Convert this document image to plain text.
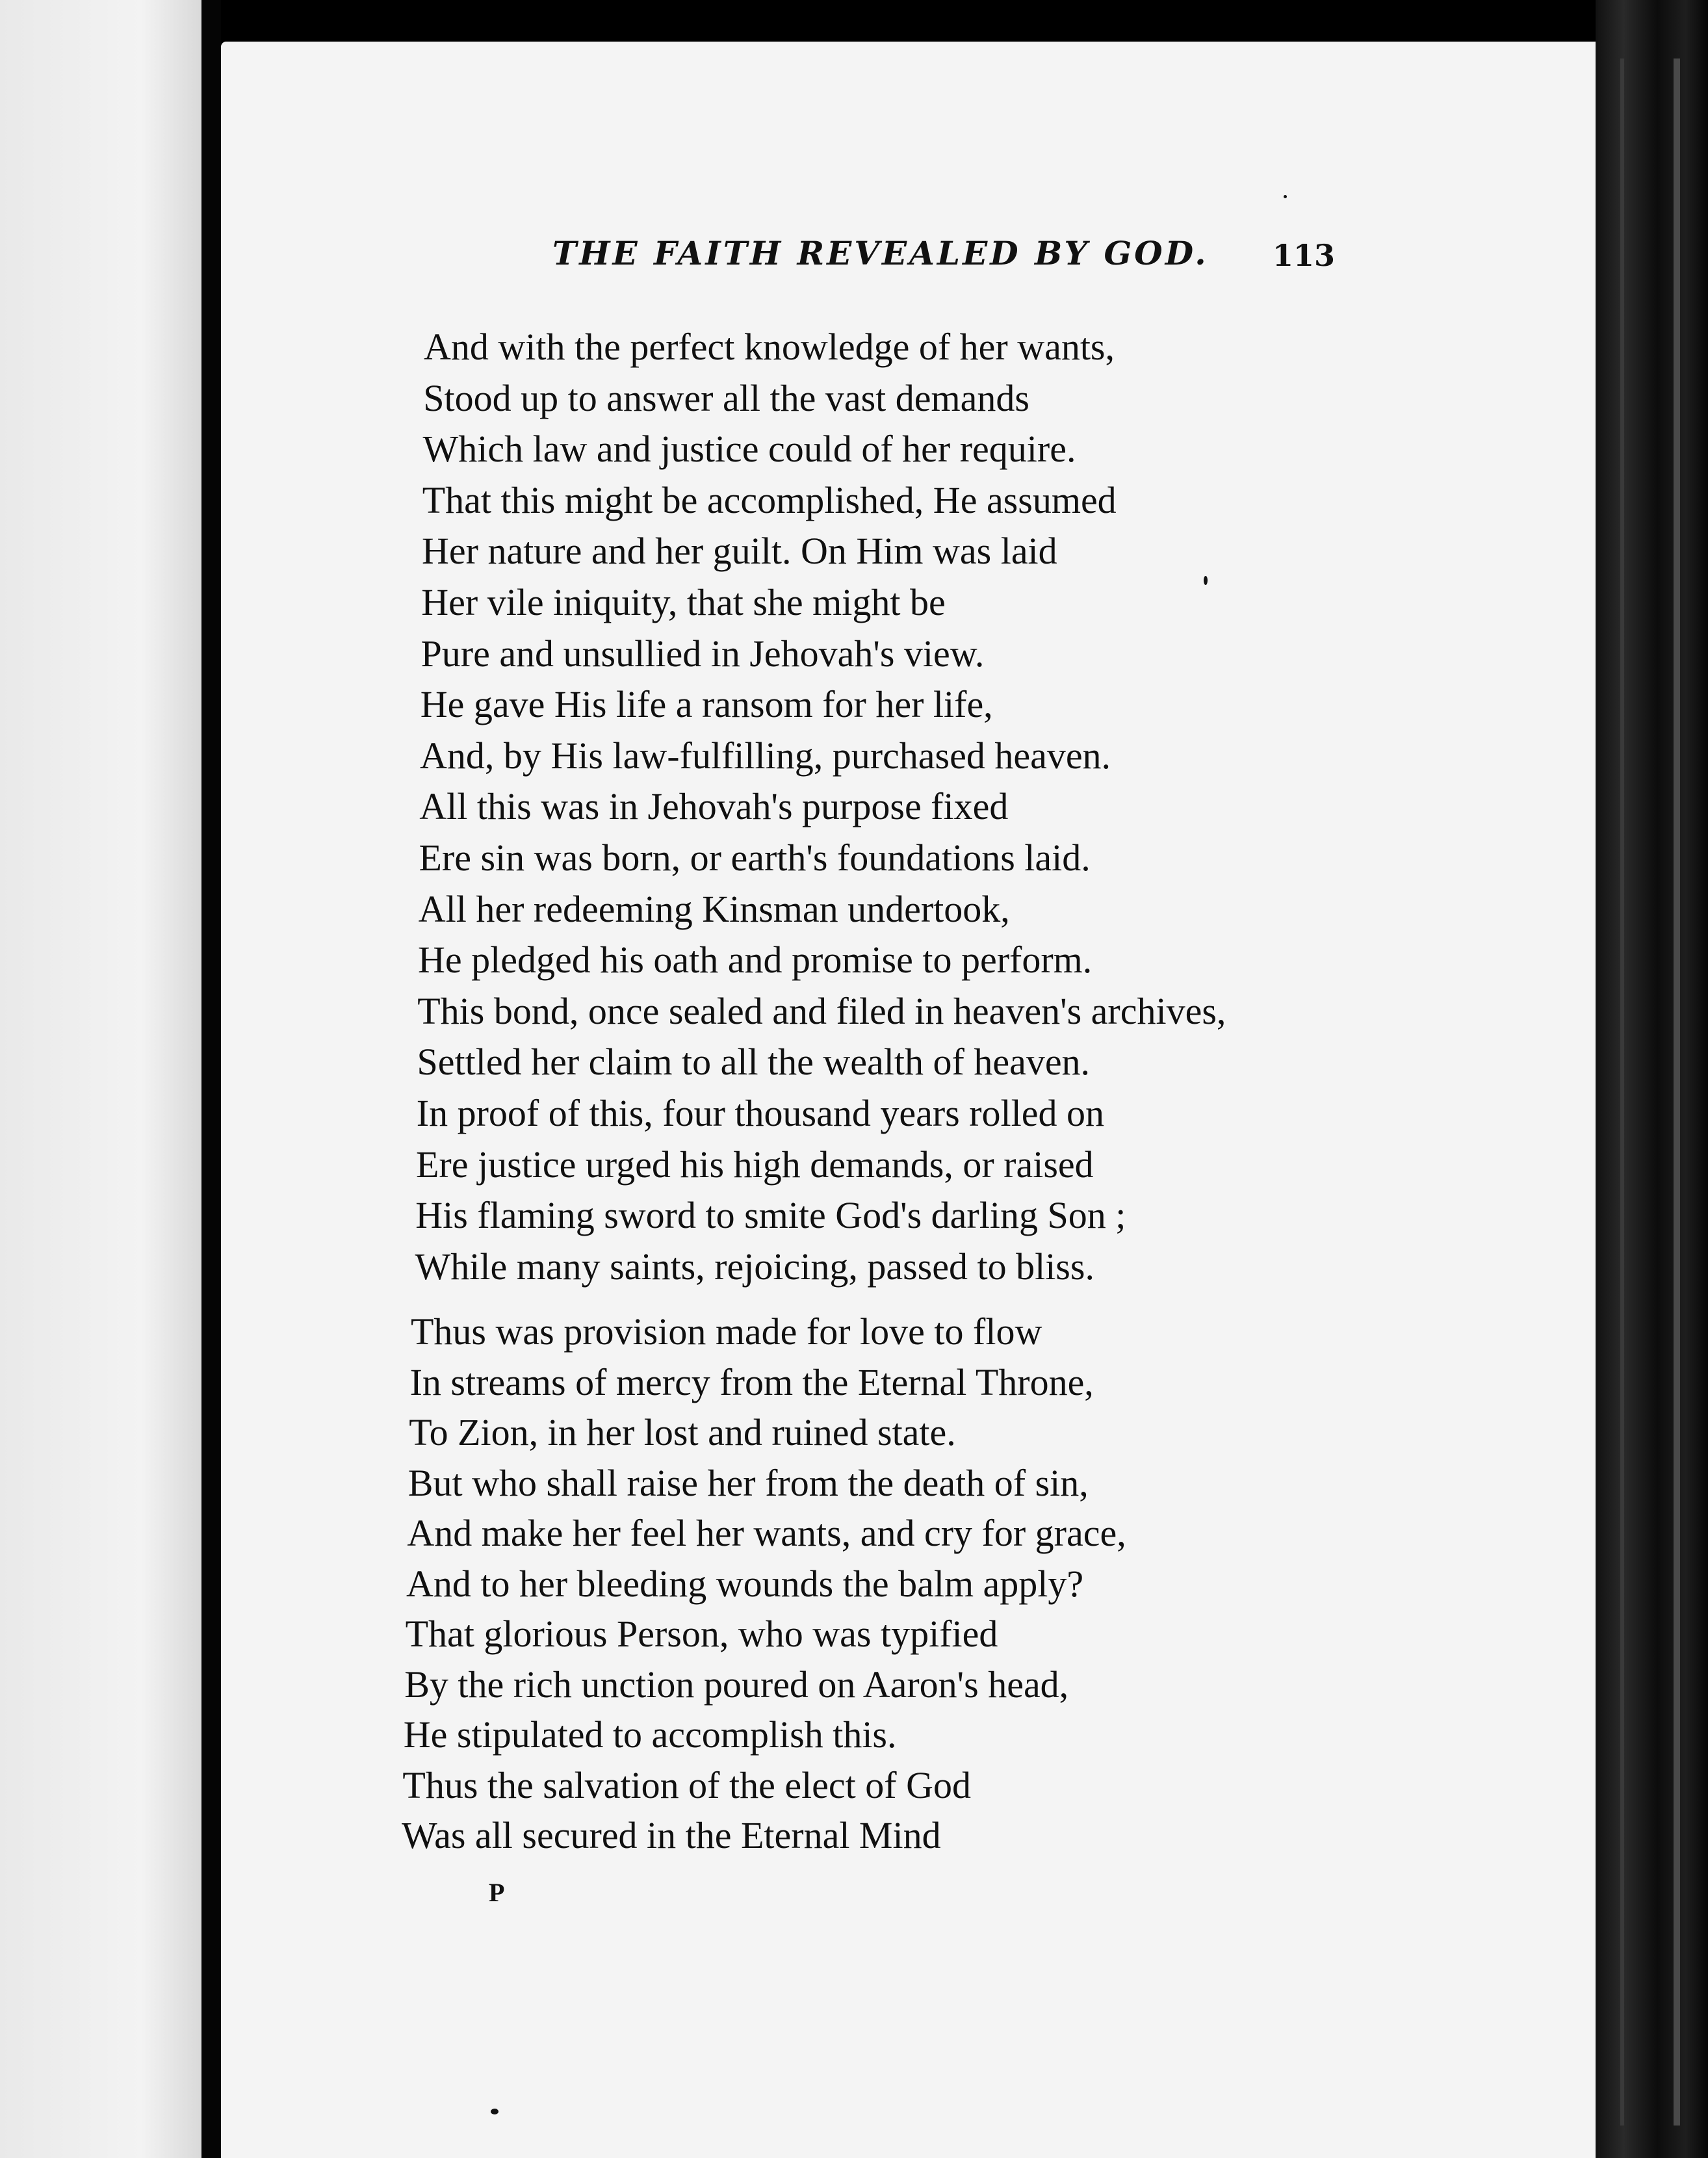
THE FAITH REVEALED BY GOD. 113
And with the perfect knowledge of her wants,
Stood up to answer all the vast demands
Which law and justice could of her require.
That this might be accomplished, He assumed
Her nature and her guilt. On Him was laid
Her vile iniquity, that she might be
Pure and unsullied in Jehovah's view.
He gave His life a ransom for her life,
And, by His law-fulfilling, purchased heaven.
All this was in Jehovah's purpose fixed
Ere sin was born, or earth's foundations laid.
All her redeeming Kinsman undertook,
He pledged his oath and promise to perform.
This bond, once sealed and filed in heaven's archives,
Settled her claim to all the wealth of heaven.
In proof of this, four thousand years rolled on
Ere justice urged his high demands, or raised
His flaming sword to smite God's darling Son ;
While many saints, rejoicing, passed to bliss.
Thus was provision made for love to flow
In streams of mercy from the Eternal Throne,
To Zion, in her lost and ruined state.
But who shall raise her from the death of sin,
And make her feel her wants, and cry for grace,
And to her bleeding wounds the balm apply?
That glorious Person, who was typified
By the rich unction poured on Aaron's head,
He stipulated to accomplish this.
Thus the salvation of the elect of God
Was all secured in the Eternal Mind
P
